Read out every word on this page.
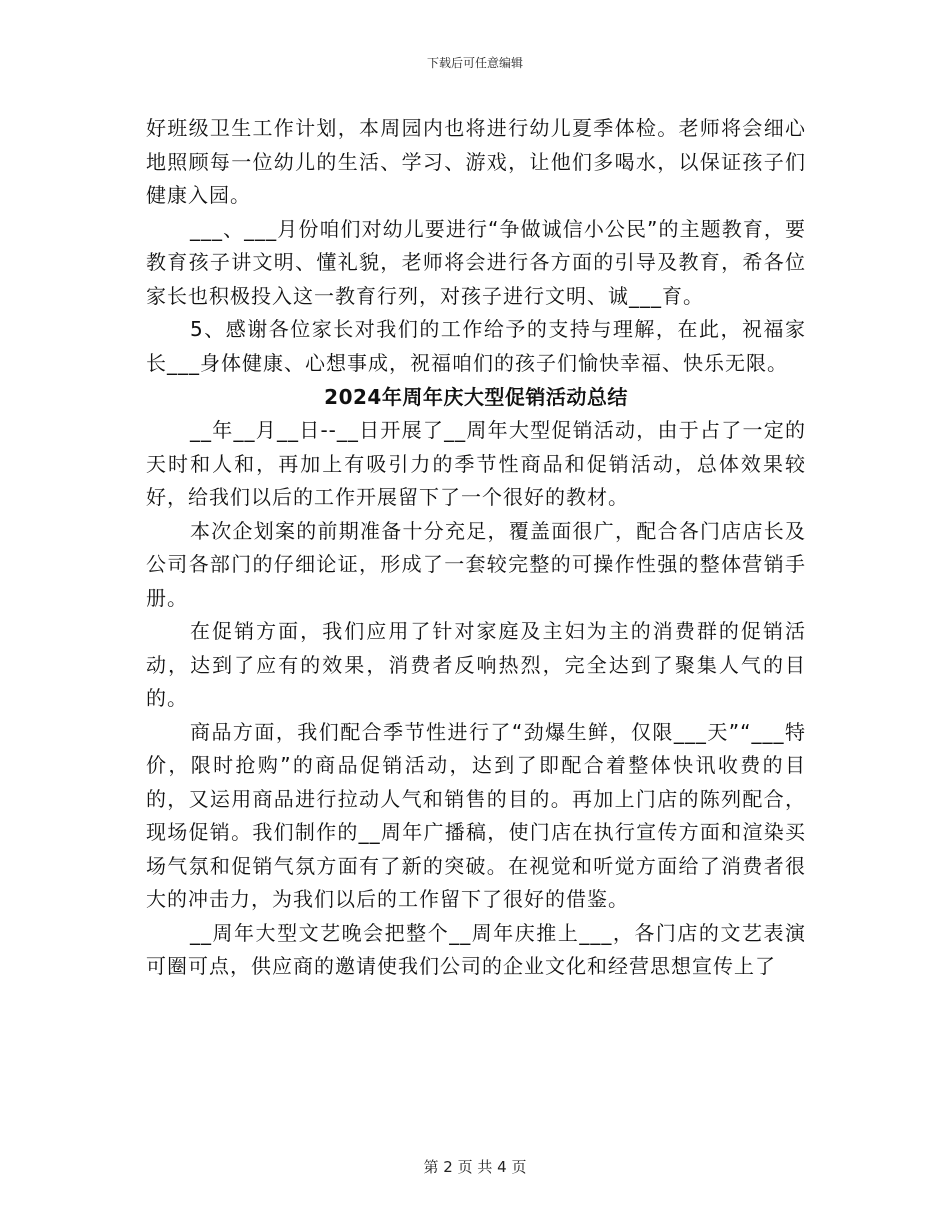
下载后可任意编辑

好班级卫生工作计划，本周园内也将进行幼儿夏季体检。老师将会细心地照顾每一位幼儿的生活、学习、游戏，让他们多喝水，以保证孩子们健康入园。

___、___月份咱们对幼儿要进行“争做诚信小公民”的主题教育，要教育孩子讲文明、懂礼貌，老师将会进行各方面的引导及教育，希各位家长也积极投入这一教育行列，对孩子进行文明、诚___育。

5、感谢各位家长对我们的工作给予的支持与理解，在此，祝福家长___身体健康、心想事成，祝福咱们的孩子们愉快幸福、快乐无限。

2024年周年庆大型促销活动总结

__年__月__日--__日开展了__周年大型促销活动，由于占了一定的天时和人和，再加上有吸引力的季节性商品和促销活动，总体效果较好，给我们以后的工作开展留下了一个很好的教材。

本次企划案的前期准备十分充足，覆盖面很广，配合各门店店长及公司各部门的仔细论证，形成了一套较完整的可操作性强的整体营销手册。

在促销方面，我们应用了针对家庭及主妇为主的消费群的促销活动，达到了应有的效果，消费者反响热烈，完全达到了聚集人气的目的。

商品方面，我们配合季节性进行了“劲爆生鲜，仅限___天”“___特价，限时抢购”的商品促销活动，达到了即配合着整体快讯收费的目的，又运用商品进行拉动人气和销售的目的。再加上门店的陈列配合，现场促销。我们制作的__周年广播稿，使门店在执行宣传方面和渲染买场气氛和促销气氛方面有了新的突破。在视觉和听觉方面给了消费者很大的冲击力，为我们以后的工作留下了很好的借鉴。

__周年大型文艺晚会把整个__周年庆推上___，各门店的文艺表演可圈可点，供应商的邀请使我们公司的企业文化和经营思想宣传上了

第 2 页 共 4 页
